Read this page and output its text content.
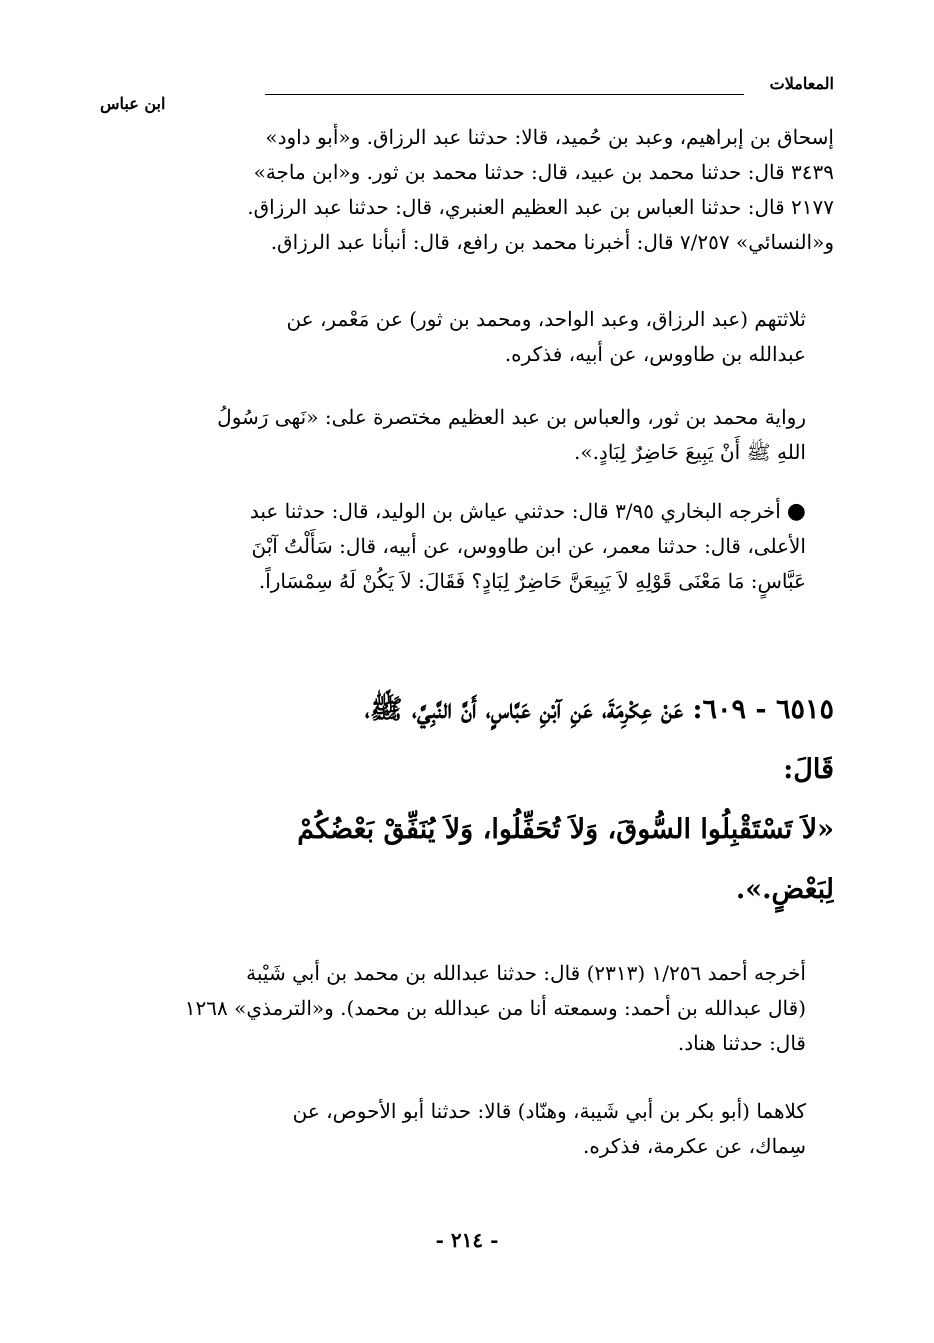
المعاملات
ابن عباس
إسحاق بن إبراهيم، وعبد بن حُميد، قالا: حدثنا عبد الرزاق. و«أبو داود»
٣٤٣٩ قال: حدثنا محمد بن عبيد، قال: حدثنا محمد بن ثور. و«ابن ماجة»
٢١٧٧ قال: حدثنا العباس بن عبد العظيم العنبري، قال: حدثنا عبد الرزاق.
و«النسائي» ٧/٢٥٧ قال: أخبرنا محمد بن رافع، قال: أنبأنا عبد الرزاق.
ثلاثتهم (عبد الرزاق، وعبد الواحد، ومحمد بن ثور) عن مَعْمر، عن
عبدالله بن طاووس، عن أبيه، فذكره.
رواية محمد بن ثور، والعباس بن عبد العظيم مختصرة على: «نَهى رَسُولُ
اللهِ ﷺ أَنْ يَبِيعَ حَاضِرٌ لِبَادٍ.».
●أخرجه البخاري ٣/٩٥ قال: حدثني عياش بن الوليد، قال: حدثنا عبد
الأعلى، قال: حدثنا معمر، عن ابن طاووس، عن أبيه، قال: سَأَلْتُ آبْنَ
عَبَّاسٍ: مَا مَعْنَى قَوْلِهِ لاَ يَبِيعَنَّ حَاضِرٌ لِبَادٍ؟ فَقَالَ: لاَ يَكُنْ لَهُ سِمْسَاراً.
٦٥١٥ - ٦٠٩: عَنْ عِكْرِمَةَ، عَنِ آبْنِ عَبَّاسٍ، أَنَّ النَّبِيَّ، ﷺ،
قَالَ:
«لاَ تَسْتَقْبِلُوا السُّوقَ، وَلاَ تُحَفِّلُوا، وَلاَ يُنَفِّقْ بَعْضُكُمْ
لِبَعْضٍ.».
أخرجه أحمد ١/٢٥٦ (٢٣١٣) قال: حدثنا عبدالله بن محمد بن أبي شَيْبة
(قال عبدالله بن أحمد: وسمعته أنا من عبدالله بن محمد). و«الترمذي» ١٢٦٨
قال: حدثنا هناد.
كلاهما (أبو بكر بن أبي شَيبة، وهنّاد) قالا: حدثنا أبو الأحوص، عن
سِماك، عن عكرمة، فذكره.
- ٢١٤ -
